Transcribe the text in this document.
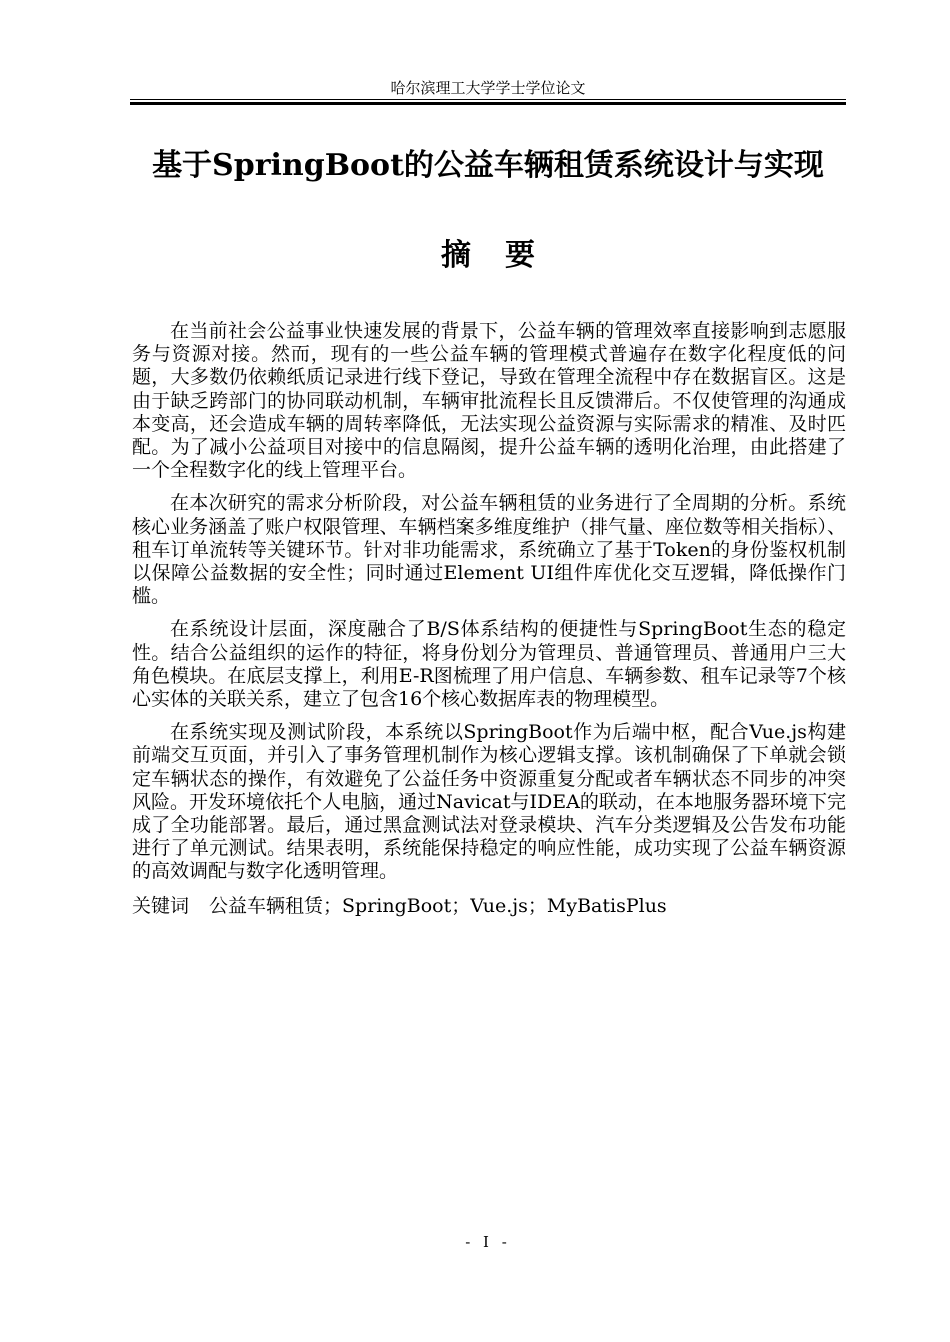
哈尔滨理工大学学士学位论文
基于SpringBoot的公益车辆租赁系统设计与实现
摘 要

在当前社会公益事业快速发展的背景下，公益车辆的管理效率直接影响到志愿服务与资源对接。然而，现有的一些公益车辆的管理模式普遍存在数字化程度低的问题，大多数仍依赖纸质记录进行线下登记，导致在管理全流程中存在数据盲区。这是由于缺乏跨部门的协同联动机制，车辆审批流程长且反馈滞后。不仅使管理的沟通成本变高，还会造成车辆的周转率降低，无法实现公益资源与实际需求的精准、及时匹配。为了减小公益项目对接中的信息隔阂，提升公益车辆的透明化治理，由此搭建了一个全程数字化的线上管理平台。

在本次研究的需求分析阶段，对公益车辆租赁的业务进行了全周期的分析。系统核心业务涵盖了账户权限管理、车辆档案多维度维护（排气量、座位数等相关指标）、租车订单流转等关键环节。针对非功能需求，系统确立了基于Token的身份鉴权机制以保障公益数据的安全性；同时通过Element UI组件库优化交互逻辑，降低操作门槛。

在系统设计层面，深度融合了B/S体系结构的便捷性与SpringBoot生态的稳定性。结合公益组织的运作的特征，将身份划分为管理员、普通管理员、普通用户三大角色模块。在底层支撑上，利用E-R图梳理了用户信息、车辆参数、租车记录等7个核心实体的关联关系，建立了包含16个核心数据库表的物理模型。

在系统实现及测试阶段，本系统以SpringBoot作为后端中枢，配合Vue.js构建前端交互页面，并引入了事务管理机制作为核心逻辑支撑。该机制确保了下单就会锁定车辆状态的操作，有效避免了公益任务中资源重复分配或者车辆状态不同步的冲突风险。开发环境依托个人电脑，通过Navicat与IDEA的联动，在本地服务器环境下完成了全功能部署。最后，通过黑盒测试法对登录模块、汽车分类逻辑及公告发布功能进行了单元测试。结果表明，系统能保持稳定的响应性能，成功实现了公益车辆资源的高效调配与数字化透明管理。

关键词 公益车辆租赁；SpringBoot；Vue.js；MyBatisPlus
- I -
